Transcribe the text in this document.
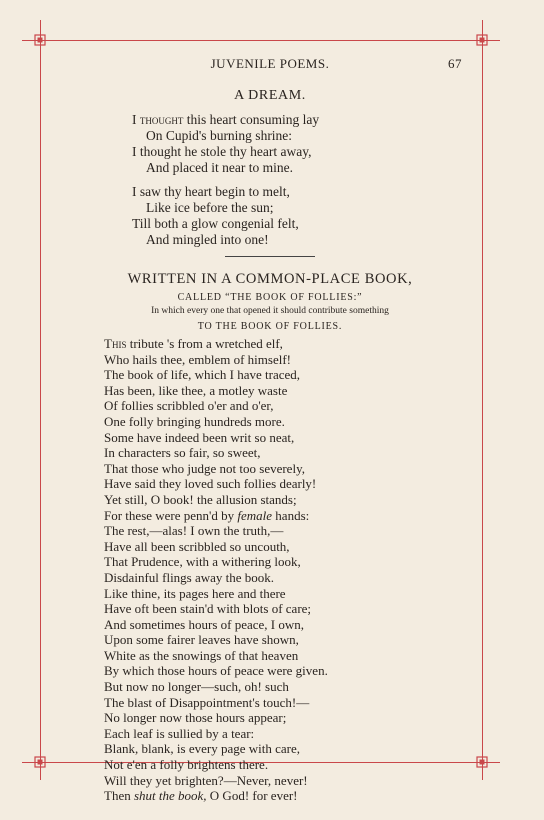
JUVENILE POEMS.	67
A DREAM.
I thought this heart consuming lay
On Cupid's burning shrine:
I thought he stole thy heart away,
And placed it near to mine.
I saw thy heart begin to melt,
Like ice before the sun;
Till both a glow congenial felt,
And mingled into one!
WRITTEN IN A COMMON-PLACE BOOK,
CALLED “THE BOOK OF FOLLIES:”
In which every one that opened it should contribute something
TO THE BOOK OF FOLLIES.
This tribute 's from a wretched elf,
Who hails thee, emblem of himself!
The book of life, which I have traced,
Has been, like thee, a motley waste
Of follies scribbled o'er and o'er,
One folly bringing hundreds more.
Some have indeed been writ so neat,
In characters so fair, so sweet,
That those who judge not too severely,
Have said they loved such follies dearly!
Yet still, O book! the allusion stands;
For these were penn'd by female hands:
The rest,—alas! I own the truth,—
Have all been scribbled so uncouth,
That Prudence, with a withering look,
Disdainful flings away the book.
Like thine, its pages here and there
Have oft been stain'd with blots of care;
And sometimes hours of peace, I own,
Upon some fairer leaves have shown,
White as the snowings of that heaven
By which those hours of peace were given.
But now no longer—such, oh! such
The blast of Disappointment's touch!—
No longer now those hours appear;
Each leaf is sullied by a tear:
Blank, blank, is every page with care,
Not e'en a folly brightens there.
Will they yet brighten?—Never, never!
Then shut the book, O God! for ever!
